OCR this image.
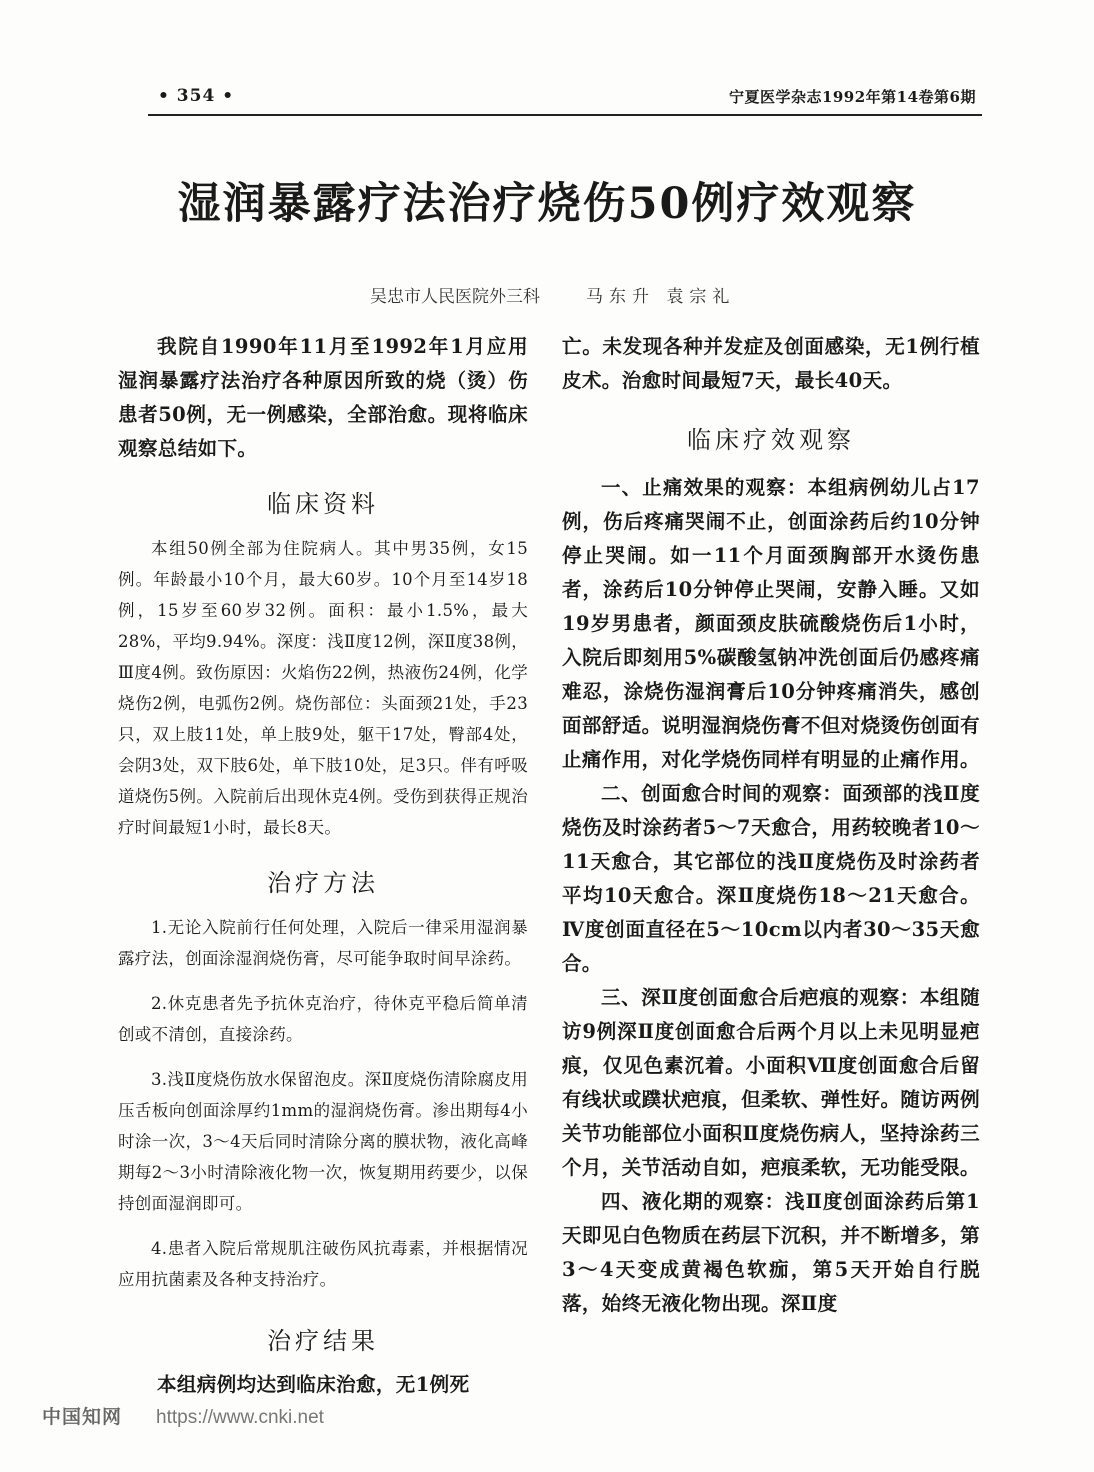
• 354 •	宁夏医学杂志1992年第14卷第6期
湿润暴露疗法治疗烧伤50例疗效观察
吴忠市人民医院外三科	马东升 袁宗礼

我院自1990年11月至1992年1月应用湿润暴露疗法治疗各种原因所致的烧（烫）伤患者50例，无一例感染，全部治愈。现将临床观察总结如下。

临床资料

本组50例全部为住院病人。其中男35例，女15例。年龄最小10个月，最大60岁。10个月至14岁18例，15岁至60岁32例。面积：最小1.5%，最大28%，平均9.94%。深度：浅Ⅱ度12例，深Ⅱ度38例，Ⅲ度4例。致伤原因：火焰伤22例，热液伤24例，化学烧伤2例，电弧伤2例。烧伤部位：头面颈21处，手23只，双上肢11处，单上肢9处，躯干17处，臀部4处，会阴3处，双下肢6处，单下肢10处，足3只。伴有呼吸道烧伤5例。入院前后出现休克4例。受伤到获得正规治疗时间最短1小时，最长8天。

治疗方法

1.无论入院前行任何处理，入院后一律采用湿润暴露疗法，创面涂湿润烧伤膏，尽可能争取时间早涂药。

2.休克患者先予抗休克治疗，待休克平稳后简单清创或不清创，直接涂药。

3.浅Ⅱ度烧伤放水保留泡皮。深Ⅱ度烧伤清除腐皮用压舌板向创面涂厚约1mm的湿润烧伤膏。渗出期每4小时涂一次，3～4天后同时清除分离的膜状物，液化高峰期每2～3小时清除液化物一次，恢复期用药要少，以保持创面湿润即可。

4.患者入院后常规肌注破伤风抗毒素，并根据情况应用抗菌素及各种支持治疗。

治疗结果

本组病例均达到临床治愈，无1例死

亡。未发现各种并发症及创面感染，无1例行植皮术。治愈时间最短7天，最长40天。

临床疗效观察

一、止痛效果的观察：本组病例幼儿占17例，伤后疼痛哭闹不止，创面涂药后约10分钟停止哭闹。如一11个月面颈胸部开水烫伤患者，涂药后10分钟停止哭闹，安静入睡。又如19岁男患者，颜面颈皮肤硫酸烧伤后1小时，入院后即刻用5%碳酸氢钠冲洗创面后仍感疼痛难忍，涂烧伤湿润膏后10分钟疼痛消失，感创面部舒适。说明湿润烧伤膏不但对烧烫伤创面有止痛作用，对化学烧伤同样有明显的止痛作用。

二、创面愈合时间的观察：面颈部的浅Ⅱ度烧伤及时涂药者5～7天愈合，用药较晚者10～11天愈合，其它部位的浅Ⅱ度烧伤及时涂药者平均10天愈合。深Ⅱ度烧伤18～21天愈合。Ⅳ度创面直径在5～10cm以内者30～35天愈合。

三、深Ⅱ度创面愈合后疤痕的观察：本组随访9例深Ⅱ度创面愈合后两个月以上未见明显疤痕，仅见色素沉着。小面积Ⅶ度创面愈合后留有线状或蹼状疤痕，但柔软、弹性好。随访两例关节功能部位小面积Ⅱ度烧伤病人，坚持涂药三个月，关节活动自如，疤痕柔软，无功能受限。

四、液化期的观察：浅Ⅱ度创面涂药后第1天即见白色物质在药层下沉积，并不断增多，第3～4天变成黄褐色软痂，第5天开始自行脱落，始终无液化物出现。深Ⅱ度

中国知网 https://www.cnki.net
